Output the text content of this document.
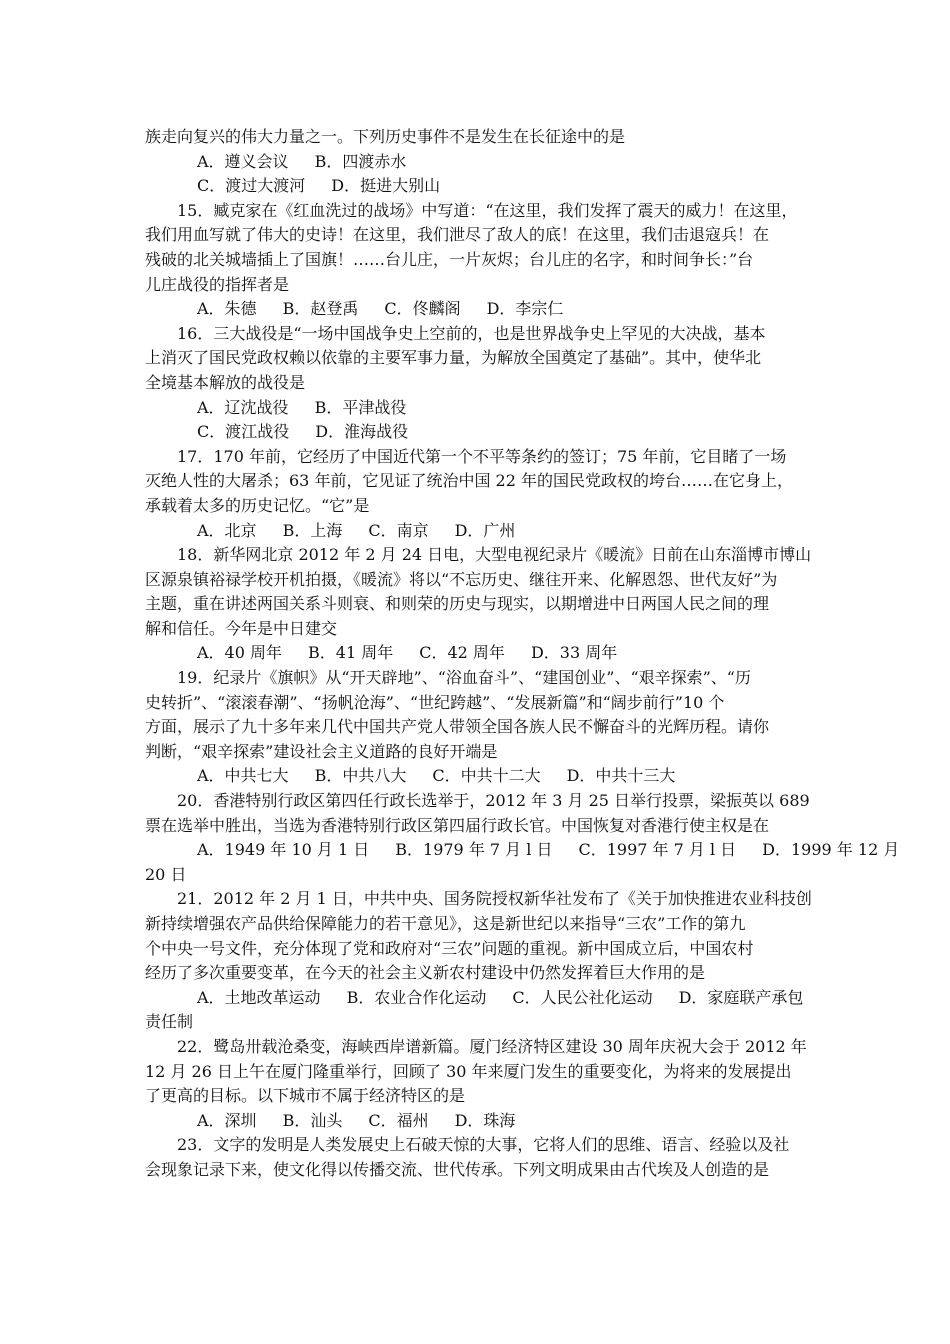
族走向复兴的伟大力量之一。下列历史事件不是发生在长征途中的是
A．遵义会议 B．四渡赤水
C．渡过大渡河 D．挺进大别山
15．臧克家在《红血洗过的战场》中写道：“在这里，我们发挥了震天的威力！在这里，
我们用血写就了伟大的史诗！在这里，我们泄尽了敌人的底！在这里，我们击退寇兵！在
残破的北关城墙插上了国旗！……台儿庄，一片灰烬；台儿庄的名字，和时间争长：”台
儿庄战役的指挥者是
A．朱德 B．赵登禹 C．佟麟阁 D．李宗仁
16．三大战役是“一场中国战争史上空前的，也是世界战争史上罕见的大决战，基本
上消灭了国民党政权赖以依靠的主要军事力量，为解放全国奠定了基础”。其中，使华北
全境基本解放的战役是
A．辽沈战役 B．平津战役
C．渡江战役 D．淮海战役
17．170 年前，它经历了中国近代第一个不平等条约的签订；75 年前，它目睹了一场
灭绝人性的大屠杀；63 年前，它见证了统治中国 22 年的国民党政权的垮台……在它身上，
承载着太多的历史记忆。“它”是
A．北京 B．上海 C．南京 D．广州
18．新华网北京 2012 年 2 月 24 日电，大型电视纪录片《暖流》日前在山东淄博市博山
区源泉镇裕禄学校开机拍摄，《暖流》将以“不忘历史、继往开来、化解恩怨、世代友好”为
主题，重在讲述两国关系斗则衰、和则荣的历史与现实，以期增进中日两国人民之间的理
解和信任。今年是中日建交
A．40 周年 B．41 周年 C．42 周年 D．33 周年
19．纪录片《旗帜》从“开天辟地”、“浴血奋斗”、“建国创业”、“艰辛探索”、“历
史转折”、“滚滚春潮”、“扬帆沧海”、“世纪跨越”、“发展新篇”和“阔步前行”10 个
方面，展示了九十多年来几代中国共产党人带领全国各族人民不懈奋斗的光辉历程。请你
判断，“艰辛探索”建设社会主义道路的良好开端是
A．中共七大 B．中共八大 C．中共十二大 D．中共十三大
20．香港特别行政区第四任行政长选举于，2012 年 3 月 25 日举行投票，梁振英以 689
票在选举中胜出，当选为香港特别行政区第四届行政长官。中国恢复对香港行使主权是在
A．1949 年 10 月 1 日 B．1979 年 7 月 l 日 C．1997 年 7 月 l 日 D．1999 年 12 月
20 日
21．2012 年 2 月 1 日，中共中央、国务院授权新华社发布了《关于加快推进农业科技创
新持续增强农产品供给保障能力的若干意见》，这是新世纪以来指导“三农”工作的第九
个中央一号文件，充分体现了党和政府对“三农”问题的重视。新中国成立后，中国农村
经历了多次重要变革，在今天的社会主义新农村建设中仍然发挥着巨大作用的是
A．土地改革运动 B．农业合作化运动 C．人民公社化运动 D．家庭联产承包
责任制
22．鹭岛卅载沧桑变，海峡西岸谱新篇。厦门经济特区建设 30 周年庆祝大会于 2012 年
12 月 26 日上午在厦门隆重举行，回顾了 30 年来厦门发生的重要变化，为将来的发展提出
了更高的目标。以下城市不属于经济特区的是
A．深圳 B．汕头 C．福州 D．珠海
23．文字的发明是人类发展史上石破天惊的大事，它将人们的思维、语言、经验以及社
会现象记录下来，使文化得以传播交流、世代传承。下列文明成果由古代埃及人创造的是
